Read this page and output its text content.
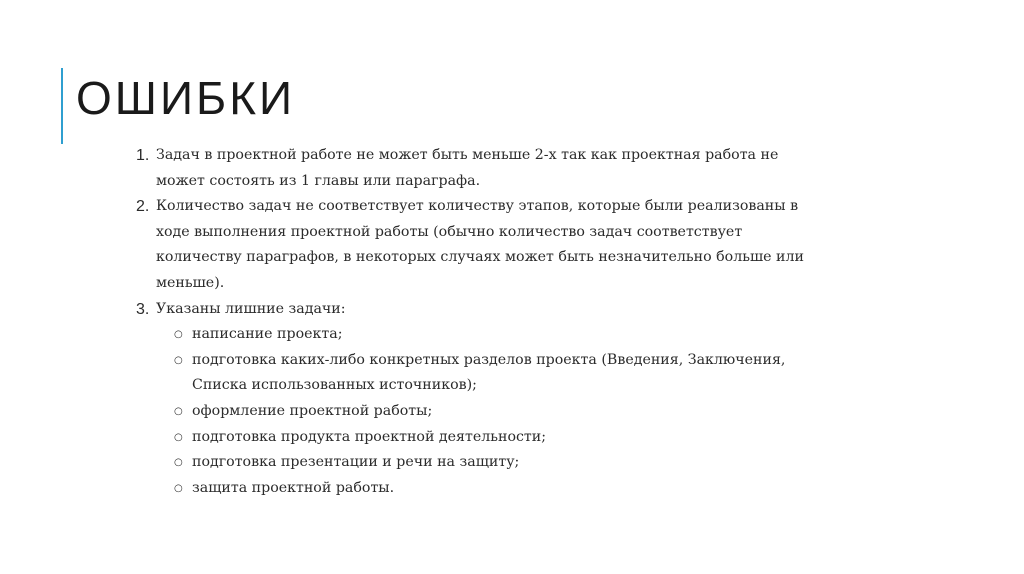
ОШИБКИ
1. Задач в проектной работе не может быть меньше 2-х так как проектная работа не может состоять из 1 главы или параграфа.
2. Количество задач не соответствует количеству этапов, которые были реализованы в ходе выполнения проектной работы (обычно количество задач соответствует количеству параграфов, в некоторых случаях может быть незначительно больше или меньше).
3. Указаны лишние задачи:
○ написание проекта;
○ подготовка каких-либо конкретных разделов проекта (Введения, Заключения, Списка использованных источников);
○ оформление проектной работы;
○ подготовка продукта проектной деятельности;
○ подготовка презентации и речи на защиту;
○ защита проектной работы.
